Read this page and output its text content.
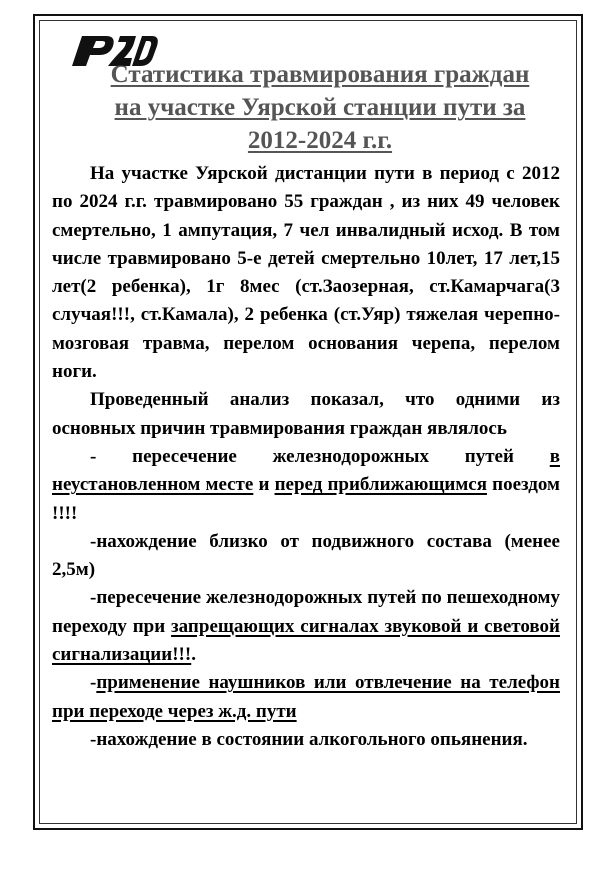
Статистика травмирования граждан
на участке Уярской станции пути за
2012-2024 г.г.

На участке Уярской дистанции пути в период с 2012 по 2024 г.г. травмировано 55 граждан , из них 49 человек смертельно, 1 ампутация, 7 чел инвалидный исход. В том числе травмировано 5-е детей смертельно 10лет, 17 лет,15 лет(2 ребенка), 1г 8мес (ст.Заозерная, ст.Камарчага(3 случая!!!, ст.Камала), 2 ребенка (ст.Уяр) тяжелая черепно-мозговая травма, перелом основания черепа, перелом ноги.

Проведенный анализ показал, что одними из основных причин травмирования граждан являлось

- пересечение железнодорожных путей в неустановленном месте и перед приближающимся поездом !!!!

-нахождение близко от подвижного состава (менее 2,5м)

-пересечение железнодорожных путей по пешеходному переходу при запрещающих сигналах звуковой и световой сигнализации!!!.

-применение наушников или отвлечение на телефон при переходе через ж.д. пути

-нахождение в состоянии алкогольного опьянения.
